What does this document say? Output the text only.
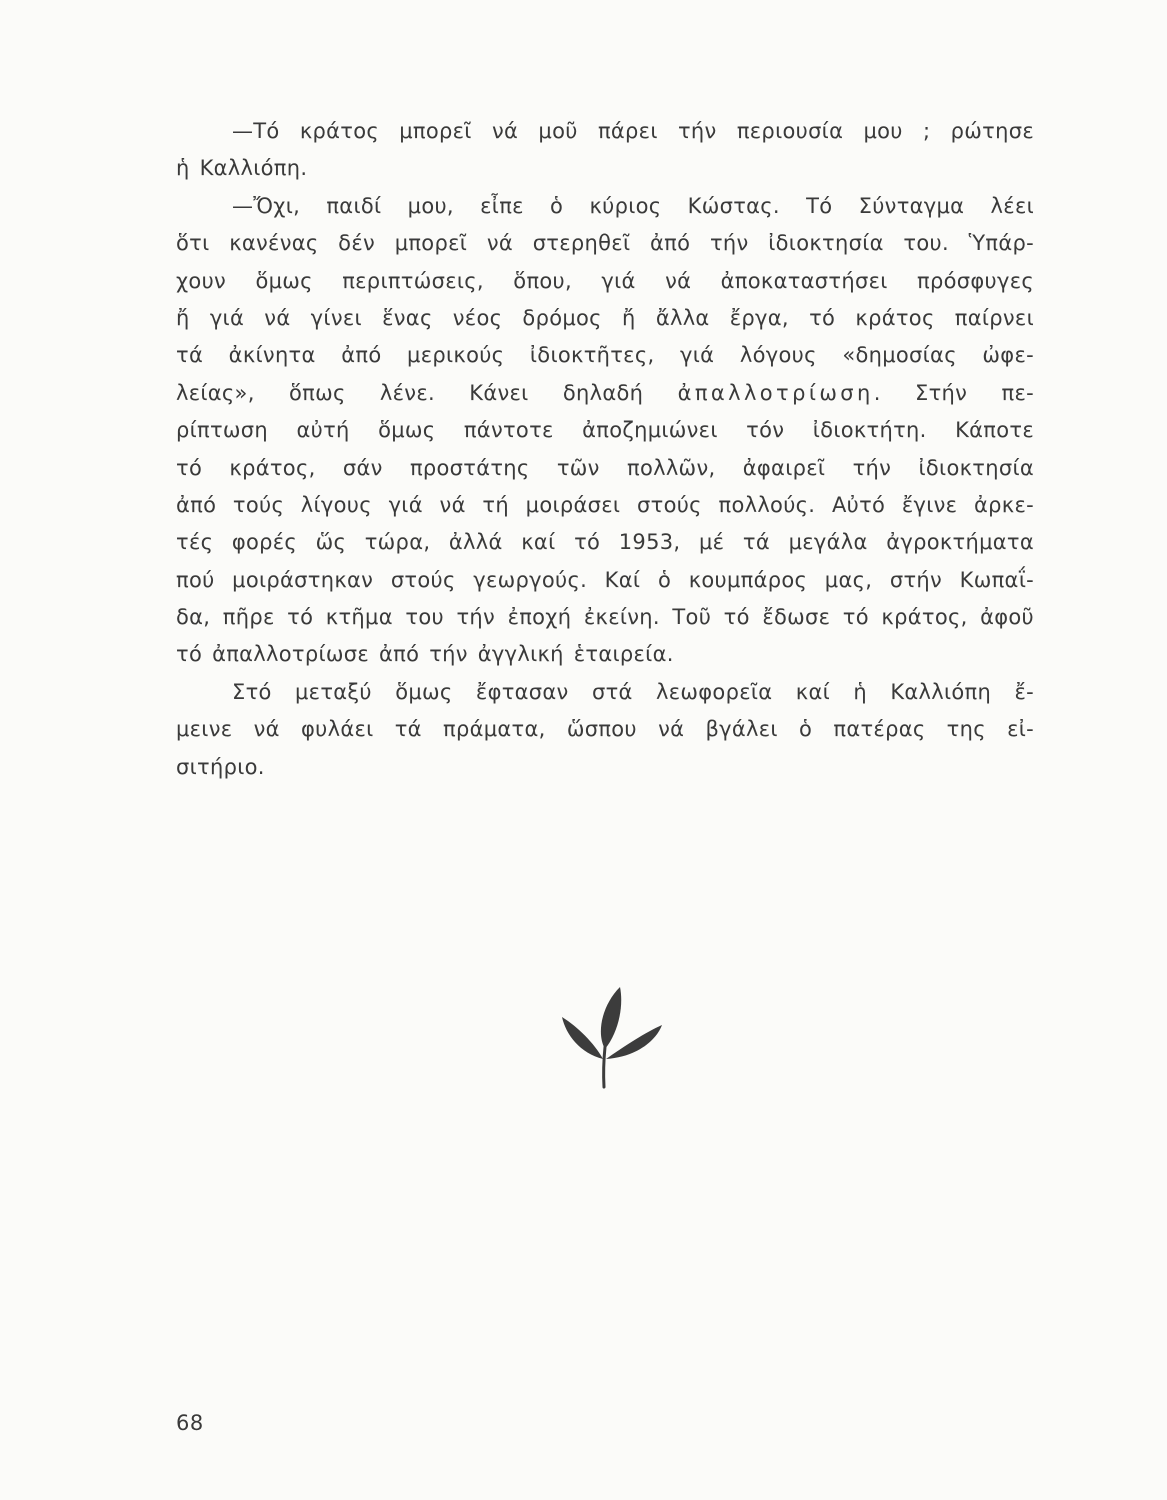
—Τό κράτος μπορεῖ νά μοῦ πάρει τήν περιουσία μου ; ρώτησε
ἡ Καλλιόπη.
—Ὄχι, παιδί μου, εἶπε ὁ κύριος Κώστας. Τό Σύνταγμα λέει
ὅτι κανένας δέν μπορεῖ νά στερηθεῖ ἀπό τήν ἰδιοκτησία του. Ὑπάρ-
χουν ὅμως περιπτώσεις, ὅπου, γιά νά ἀποκαταστήσει πρόσφυγες
ἤ γιά νά γίνει ἕνας νέος δρόμος ἤ ἄλλα ἔργα, τό κράτος παίρνει
τά ἀκίνητα ἀπό μερικούς ἰδιοκτῆτες, γιά λόγους «δημοσίας ὠφε-
λείας», ὅπως λένε. Κάνει δηλαδή ἀπαλλοτρίωση. Στήν πε-
ρίπτωση αὐτή ὅμως πάντοτε ἀποζημιώνει τόν ἰδιοκτήτη. Κάποτε
τό κράτος, σάν προστάτης τῶν πολλῶν, ἀφαιρεῖ τήν ἰδιοκτησία
ἀπό τούς λίγους γιά νά τή μοιράσει στούς πολλούς. Αὐτό ἔγινε ἀρκε-
τές φορές ὥς τώρα, ἀλλά καί τό 1953, μέ τά μεγάλα ἀγροκτήματα
πού μοιράστηκαν στούς γεωργούς. Καί ὁ κουμπάρος μας, στήν Κωπαΐ-
δα, πῆρε τό κτῆμα του τήν ἐποχή ἐκείνη. Τοῦ τό ἔδωσε τό κράτος, ἀφοῦ
τό ἀπαλλοτρίωσε ἀπό τήν ἀγγλική ἑταιρεία.
Στό μεταξύ ὅμως ἔφτασαν στά λεωφορεῖα καί ἡ Καλλιόπη ἔ-
μεινε νά φυλάει τά πράματα, ὥσπου νά βγάλει ὁ πατέρας της εἰ-
σιτήριο.
68
